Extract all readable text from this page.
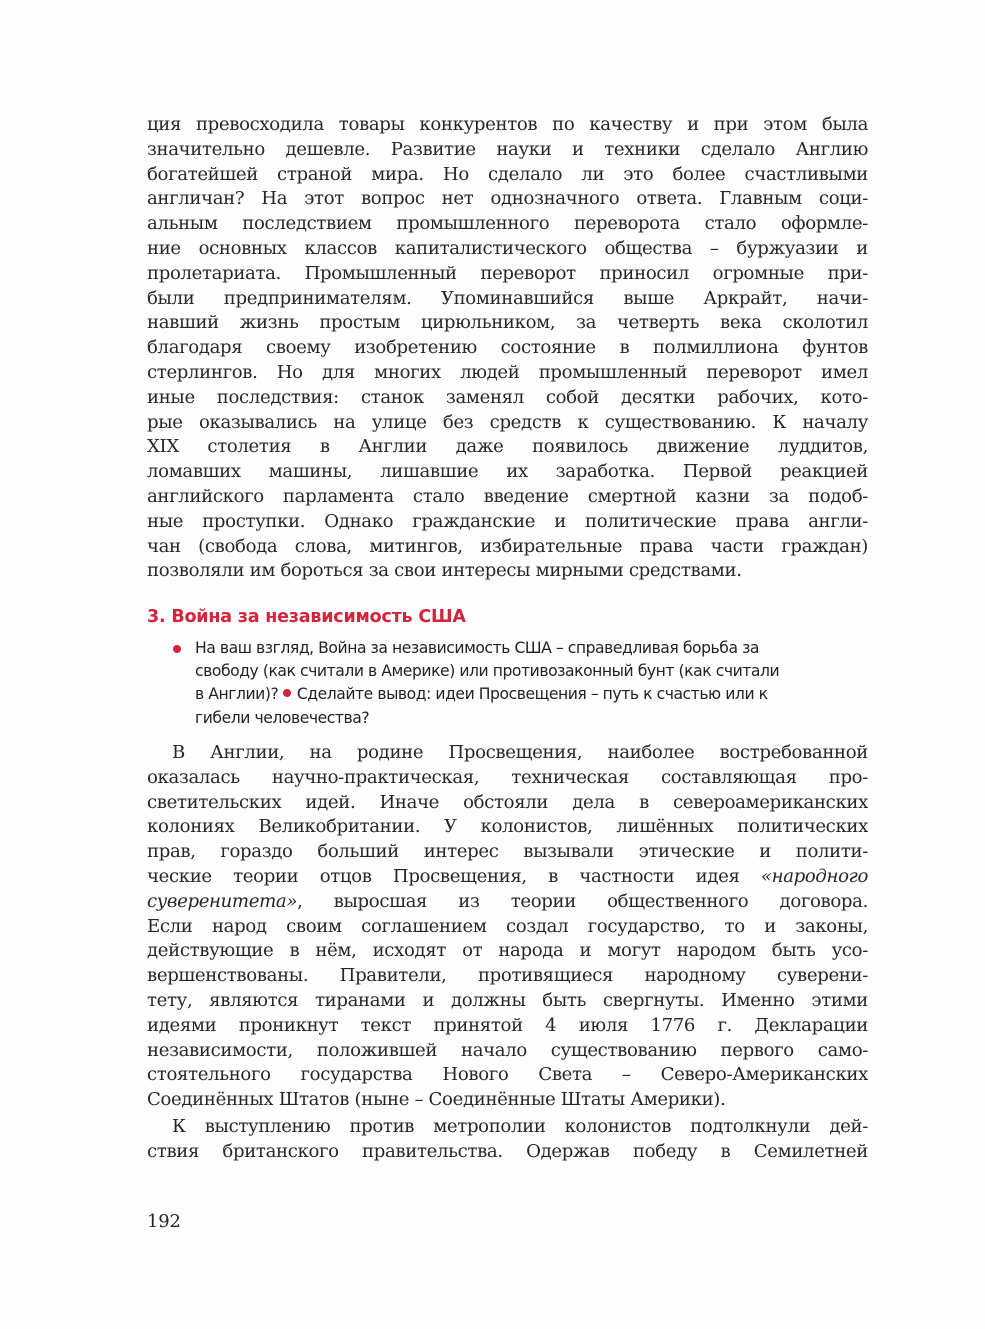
ция превосходила товары конкурентов по качеству и при этом была
значительно дешевле. Развитие науки и техники сделало Англию
богатейшей страной мира. Но сделало ли это более счастливыми
англичан? На этот вопрос нет однозначного ответа. Главным соци-
альным последствием промышленного переворота стало оформле-
ние основных классов капиталистического общества – буржуазии и
пролетариата. Промышленный переворот приносил огромные при-
были предпринимателям. Упоминавшийся выше Аркрайт, начи-
навший жизнь простым цирюльником, за четверть века сколотил
благодаря своему изобретению состояние в полмиллиона фунтов
стерлингов. Но для многих людей промышленный переворот имел
иные последствия: станок заменял собой десятки рабочих, кото-
рые оказывались на улице без средств к существованию. К началу
XIX столетия в Англии даже появилось движение луддитов,
ломавших машины, лишавшие их заработка. Первой реакцией
английского парламента стало введение смертной казни за подоб-
ные проступки. Однако гражданские и политические права англи-
чан (свобода слова, митингов, избирательные права части граждан)
позволяли им бороться за свои интересы мирными средствами.
3. Война за независимость США
На ваш взгляд, Война за независимость США – справедливая борьба за
свободу (как считали в Америке) или противозаконный бунт (как считали
в Англии)? Сделайте вывод: идеи Просвещения – путь к счастью или к
гибели человечества?
В Англии, на родине Просвещения, наиболее востребованной
оказалась научно-практическая, техническая составляющая про-
светительских идей. Иначе обстояли дела в североамериканских
колониях Великобритании. У колонистов, лишённых политических
прав, гораздо больший интерес вызывали этические и полити-
ческие теории отцов Просвещения, в частности идея «народного
суверенитета», выросшая из теории общественного договора.
Если народ своим соглашением создал государство, то и законы,
действующие в нём, исходят от народа и могут народом быть усо-
вершенствованы. Правители, противящиеся народному суверени-
тету, являются тиранами и должны быть свергнуты. Именно этими
идеями проникнут текст принятой 4 июля 1776 г. Декларации
независимости, положившей начало существованию первого само-
стоятельного государства Нового Света – Северо-Американских
Соединённых Штатов (ныне – Соединённые Штаты Америки).
К выступлению против метрополии колонистов подтолкнули дей-
ствия британского правительства. Одержав победу в Семилетней
192
